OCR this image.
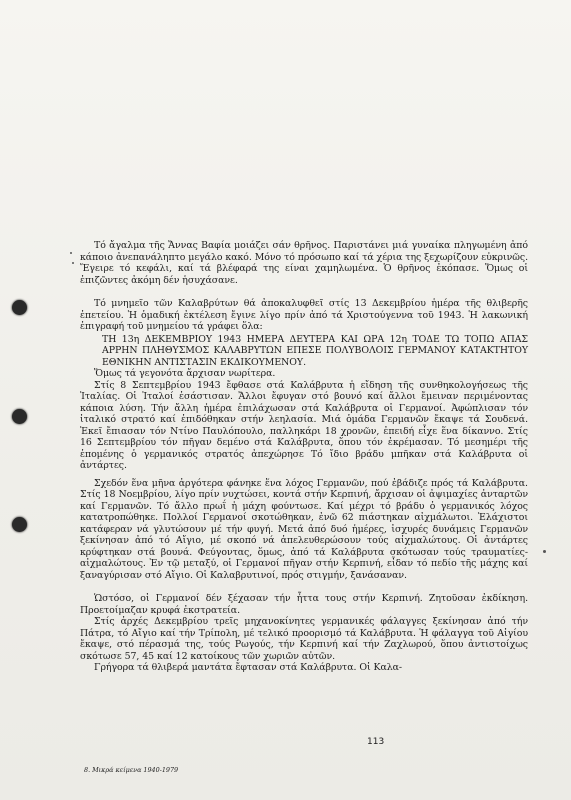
Τό ἄγαλμα τῆς Ἄννας Βαφία μοιάζει σάν θρῆνος. Παριστάνει μιά γυναίκα πληγωμένη ἀπό κάποιο ἀνεπανάληπτο μεγάλο κακό. Μόνο τό πρόσωπο καί τά χέρια της ξεχωρίζουν εὐκρινῶς. Ἔγειρε τό κεφάλι, καί τά βλέφαρά της είναι χαμηλωμένα. Ὁ θρῆνος ἐκόπασε. Ὅμως οἱ ἐπιζῶντες ἀκόμη δέν ἡσυχάσανε.

Τό μνημεῖο τῶν Καλαβρύτων θά ἀποκαλυφθεῖ στίς 13 Δεκεμβρίου ἡμέρα τῆς θλιβερῆς ἐπετείου. Ἡ ὁμαδική ἐκτέλεση ἔγινε λίγο πρίν ἀπό τά Χριστούγεννα τοῦ 1943. Ἡ λακωνική ἐπιγραφή τοῦ μνημείου τά γράφει ὅλα:

ΤΗ 13η ΔΕΚΕΜΒΡΙΟΥ 1943 ΗΜΕΡΑ ΔΕΥΤΕΡΑ ΚΑΙ ΩΡΑ 12η ΤΟΔΕ ΤΩ ΤΟΠΩ ΑΠΑΣ ΑΡΡΗΝ ΠΛΗΘΥΣΜΟΣ ΚΑΛΑΒΡΥΤΩΝ ΕΠΕΣΕ ΠΟΛΥΒΟΛΟΙΣ ΓΕΡΜΑΝΟΥ ΚΑΤΑΚΤΗΤΟΥ ΕΘΝΙΚΗΝ ΑΝΤΙΣΤΑΣΙΝ ΕΚΔΙΚΟΥΜΕΝΟΥ.

Ὅμως τά γεγονότα ἄρχισαν νωρίτερα.

Στίς 8 Σεπτεμβρίου 1943 ἔφθασε στά Καλάβρυτα ἡ εἴδηση τῆς συνθηκολογήσεως τῆς Ἰταλίας. Οἱ Ἰταλοί ἐσάστισαν. Ἄλλοι ἔφυγαν στό βουνό καί ἄλλοι ἔμειναν περιμένοντας κάποια λύση. Τήν ἄλλη ἡμέρα ἐπιλάχωσαν στά Καλάβρυτα οἱ Γερμανοί. Ἀφώπλισαν τόν ἰταλικό στρατό καί ἐπιδόθηκαν στήν λεηλασία. Μιά ὁμάδα Γερμανῶν ἔκαψε τά Σουδενά. Ἐκεῖ ἔπιασαν τόν Ντίνο Παυλόπουλο, παλληκάρι 18 χρονῶν, ἐπειδή εἶχε ἕνα δίκαννο. Στίς 16 Σεπτεμβρίου τόν πῆγαν δεμένο στά Καλάβρυτα, ὅπου τόν ἐκρέμασαν. Τό μεσημέρι τῆς ἐπομένης ὁ γερμανικός στρατός ἀπεχώρησε Τό ἴδιο βράδυ μπῆκαν στά Καλάβρυτα οἱ ἀντάρτες.

Σχεδόν ἕνα μῆνα ἀργότερα φάνηκε ἕνα λόχος Γερμανῶν, πού ἐβάδιζε πρός τά Καλάβρυτα. Στίς 18 Νοεμβρίου, λίγο πρίν νυχτώσει, κοντά στήν Κερπινή, ἄρχισαν οἱ ἀψιμαχίες ἀνταρτῶν καί Γερμανῶν. Τό ἄλλο πρωΐ ἡ μάχη φούντωσε. Καί μέχρι τό βράδυ ὁ γερμανικός λόχος κατατροπώθηκε. Πολλοί Γερμανοί σκοτώθηκαν, ἐνῶ 62 πιάστηκαν αἰχμάλωτοι. Ἐλάχιστοι κατάφεραν νά γλυτώσουν μέ τήν φυγή. Μετά ἀπό δυό ἡμέρες, ἰσχυρές δυνάμεις Γερμανῶν ξεκίνησαν ἀπό τό Αἴγιο, μέ σκοπό νά ἀπελευθερώσουν τούς αἰχμαλώτους. Οἱ ἀντάρτες κρύφτηκαν στά βουνά. Φεύγοντας, ὅμως, ἀπό τά Καλάβρυτα σκότωσαν τούς τραυματίες-αἰχμαλώτους. Ἐν τῷ μεταξύ, οἱ Γερμανοί πῆγαν στήν Κερπινή, εἶδαν τό πεδίο τῆς μάχης καί ξαναγύρισαν στό Αἴγιο. Οἱ Καλαβρυτινοί, πρός στιγμήν, ξανάσαναν.

Ὡστόσο, οἱ Γερμανοί δέν ξέχασαν τήν ἧττα τους στήν Κερπινή. Ζητοῦσαν ἐκδίκηση. Προετοίμαζαν κρυφά ἐκστρατεία.

Στίς ἀρχές Δεκεμβρίου τρεῖς μηχανοκίνητες γερμανικές φάλαγγες ξεκίνησαν ἀπό τήν Πάτρα, τό Αἴγιο καί τήν Τρίπολη, μέ τελικό προορισμό τά Καλάβρυτα. Ἡ φάλαγγα τοῦ Αἰγίου ἔκαψε, στό πέρασμά της, τούς Ρωγούς, τήν Κερπινή καί τήν Ζαχλωρού, ὅπου ἀντιστοίχως σκότωσε 57, 45 καί 12 κατοίκους τῶν χωριῶν αὐτῶν.

Γρήγορα τά θλιβερά μαντάτα ἔφτασαν στά Καλάβρυτα. Οἱ Καλα-

113
8. Μικρά κείμενα 1940-1979
